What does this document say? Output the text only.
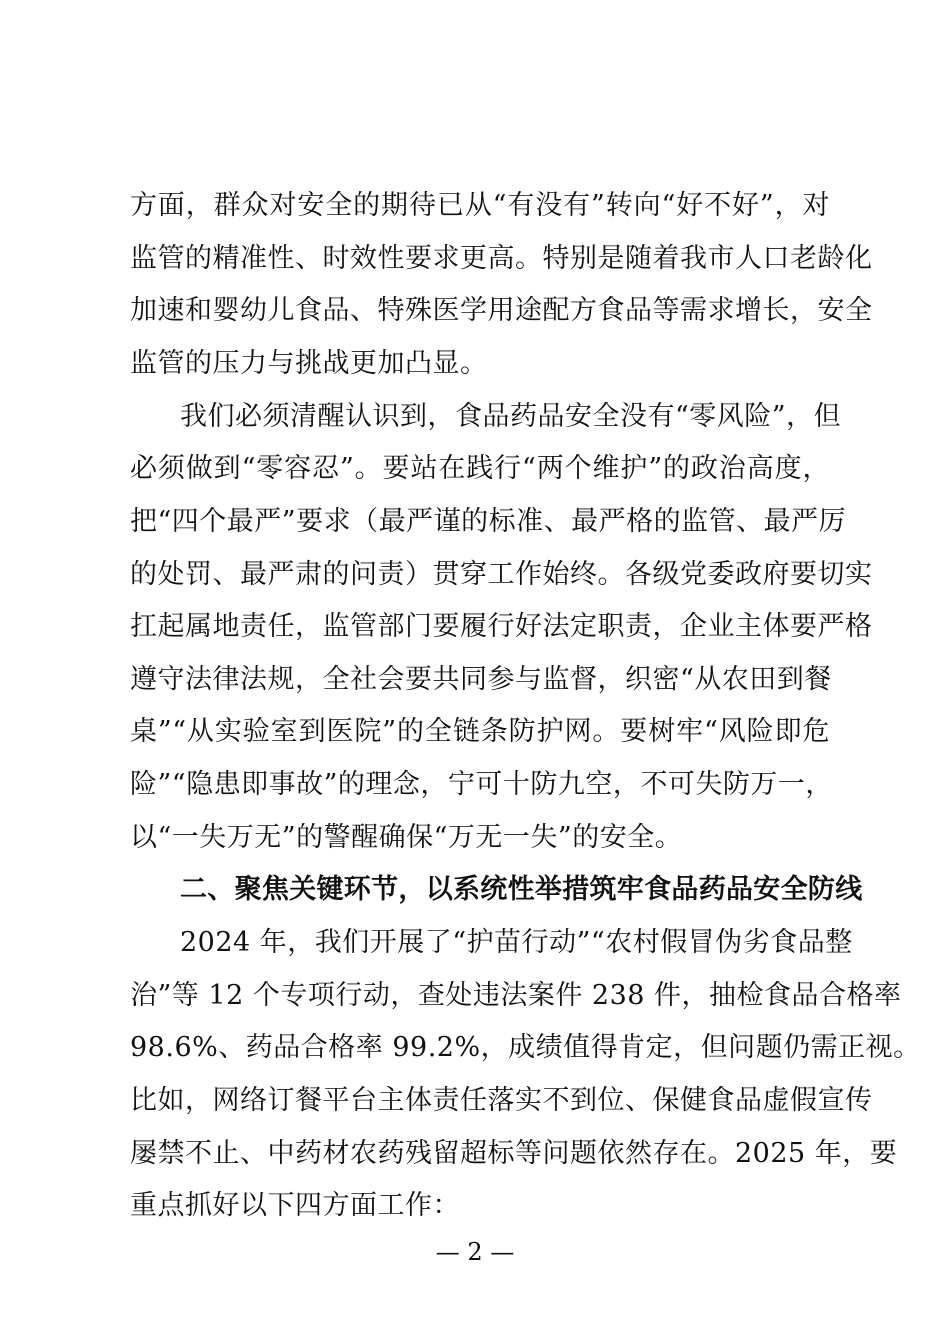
方面，群众对安全的期待已从“有没有”转向“好不好”，对
监管的精准性、时效性要求更高。特别是随着我市人口老龄化
加速和婴幼儿食品、特殊医学用途配方食品等需求增长，安全
监管的压力与挑战更加凸显。
我们必须清醒认识到，食品药品安全没有“零风险”，但
必须做到“零容忍”。要站在践行“两个维护”的政治高度，
把“四个最严”要求（最严谨的标准、最严格的监管、最严厉
的处罚、最严肃的问责）贯穿工作始终。各级党委政府要切实
扛起属地责任，监管部门要履行好法定职责，企业主体要严格
遵守法律法规，全社会要共同参与监督，织密“从农田到餐
桌”“从实验室到医院”的全链条防护网。要树牢“风险即危
险”“隐患即事故”的理念，宁可十防九空，不可失防万一，
以“一失万无”的警醒确保“万无一失”的安全。
二、聚焦关键环节，以系统性举措筑牢食品药品安全防线
2024 年，我们开展了“护苗行动”“农村假冒伪劣食品整
治”等 12 个专项行动，查处违法案件 238 件，抽检食品合格率
98.6%、药品合格率 99.2%，成绩值得肯定，但问题仍需正视。
比如，网络订餐平台主体责任落实不到位、保健食品虚假宣传
屡禁不止、中药材农药残留超标等问题依然存在。2025 年，要
重点抓好以下四方面工作：
— 2 —
